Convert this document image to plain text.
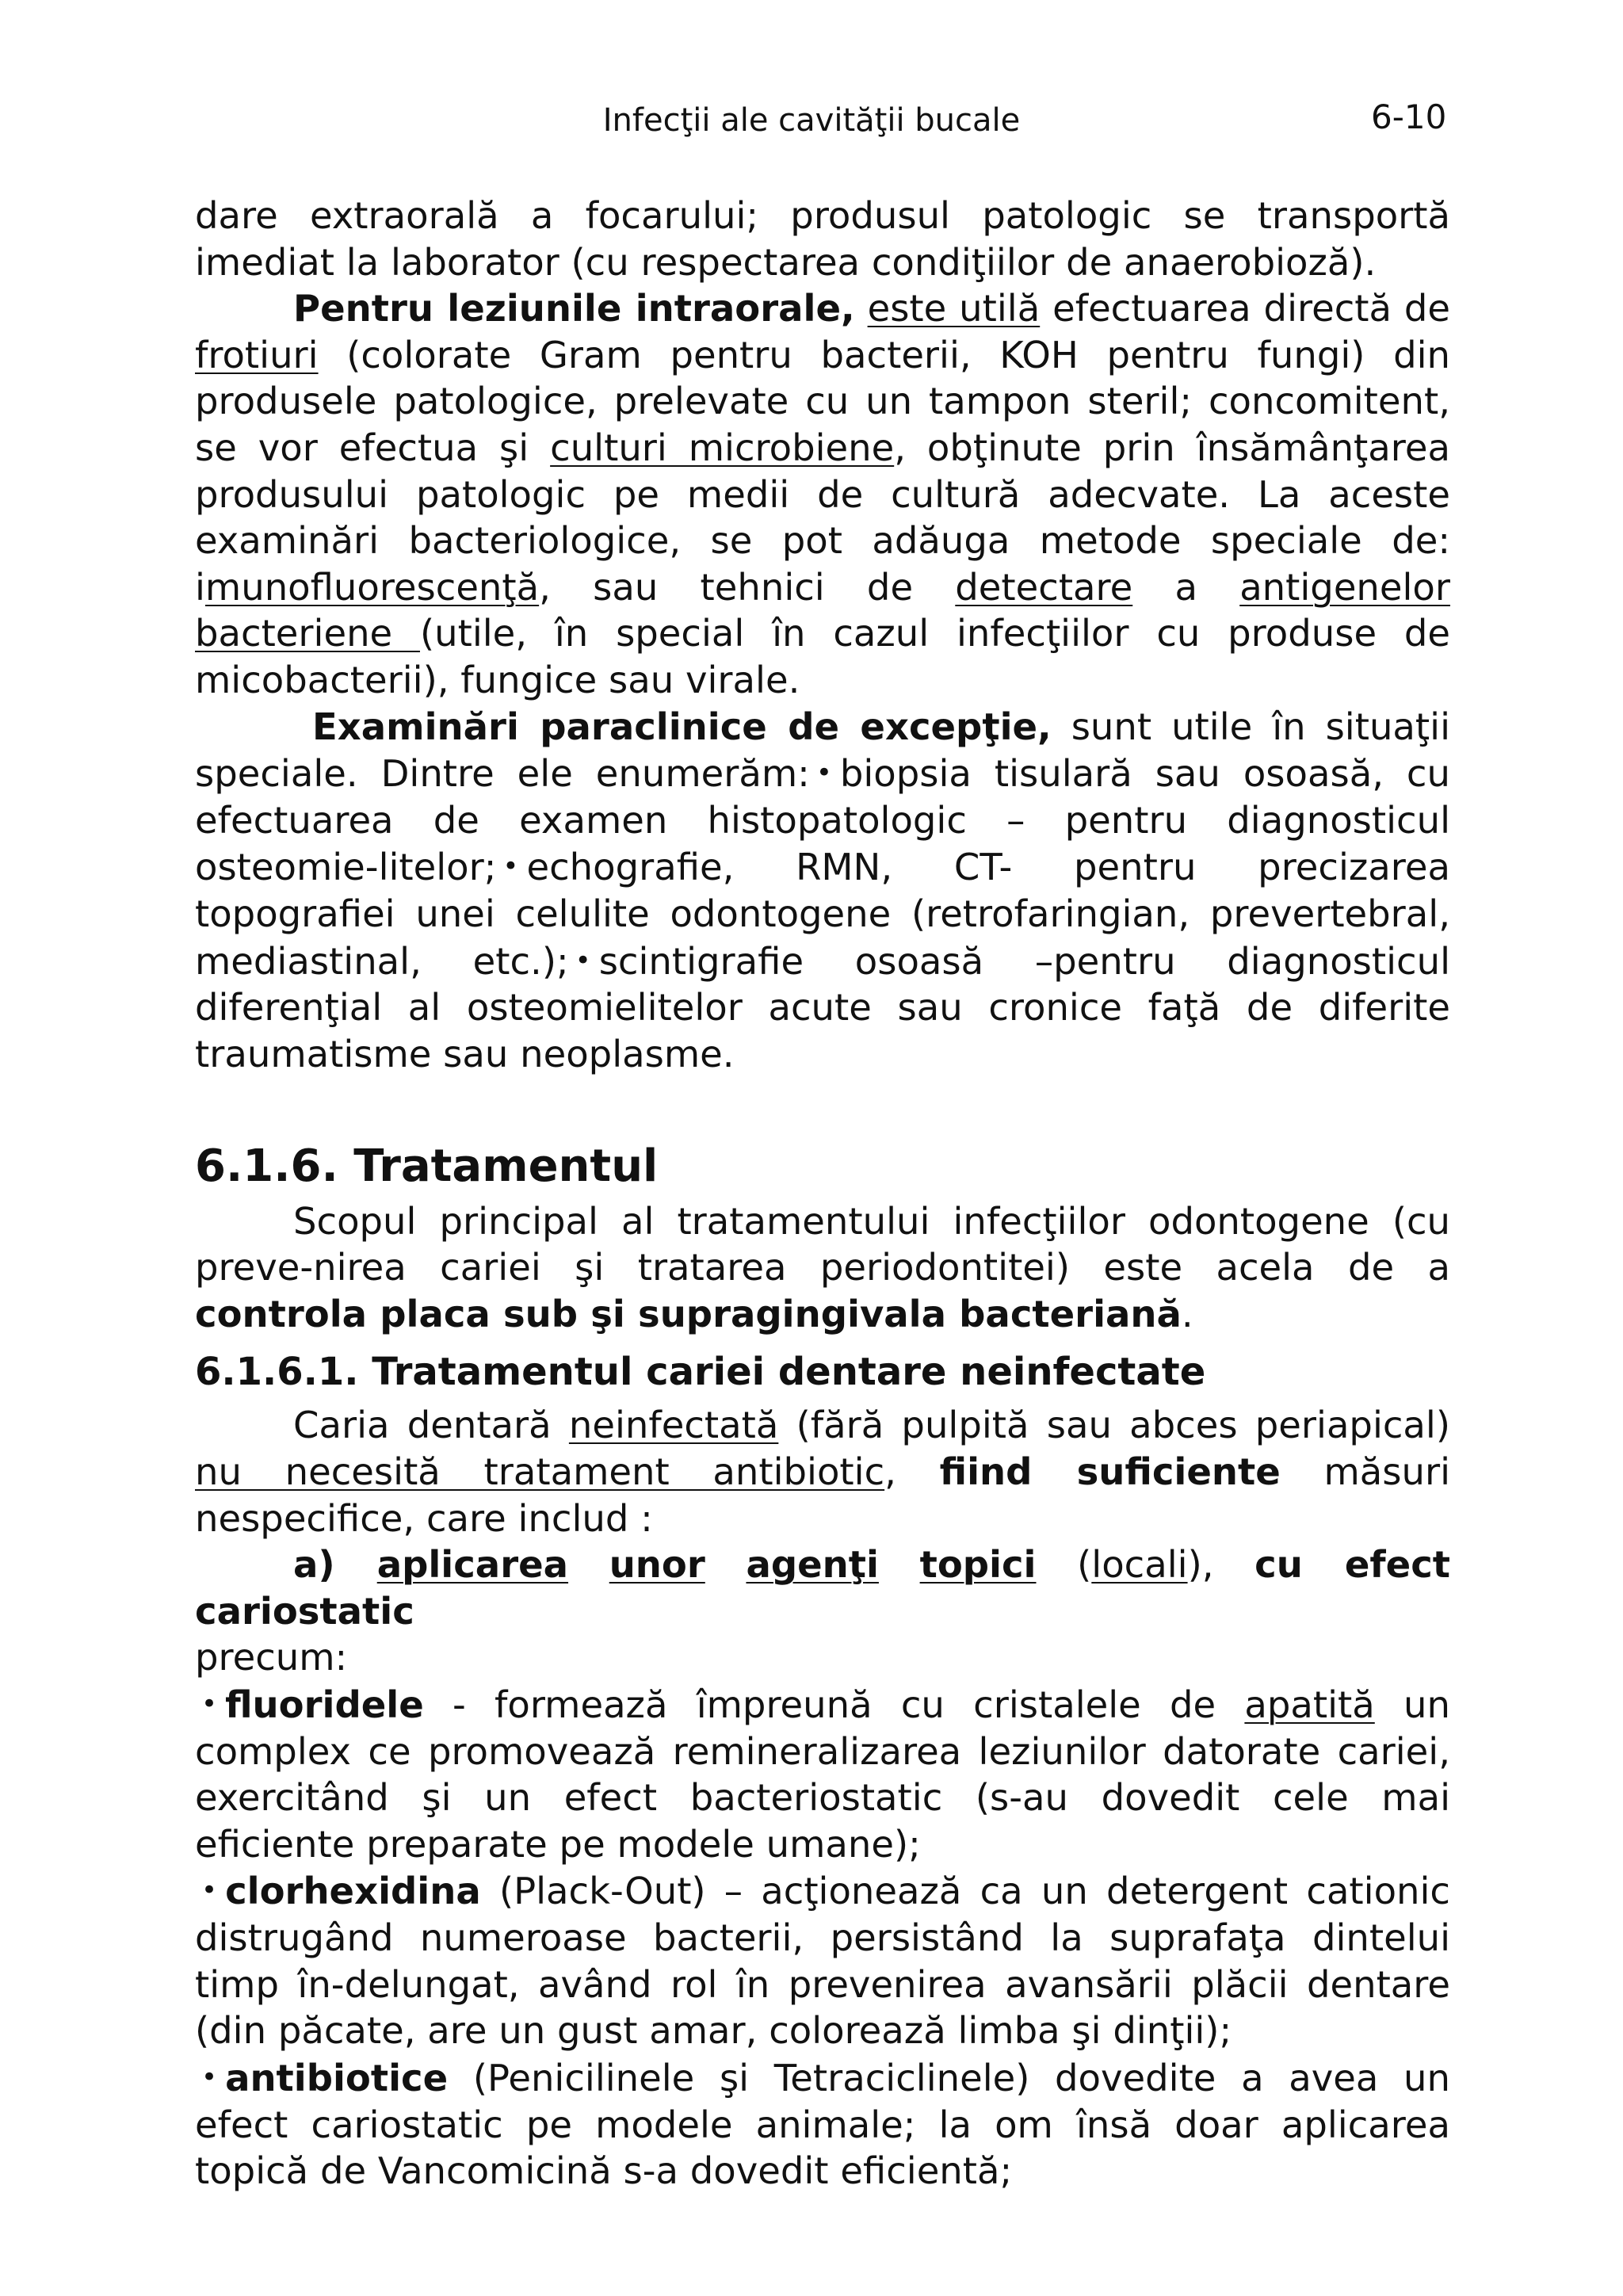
Infecţii ale cavităţii bucale	6-10

dare extraorală a focarului; produsul patologic se transportă imediat la laborator (cu respectarea condiţiilor de anaerobioză).

Pentru leziunile intraorale, este utilă efectuarea directă de frotiuri (colorate Gram pentru bacterii, KOH pentru fungi) din produsele patologice, prelevate cu un tampon steril; concomitent, se vor efectua şi culturi microbiene, obţinute prin însămânţarea produsului patologic pe medii de cultură adecvate. La aceste examinări bacteriologice, se pot adăuga metode speciale de: imunofluorescenţă, sau tehnici de detectare a antigenelor bacteriene (utile, în special în cazul infecţiilor cu produse de micobacterii), fungice sau virale.

Examinări paraclinice de excepţie, sunt utile în situaţii speciale. Dintre ele enumerăm: • biopsia tisulară sau osoasă, cu efectuarea de examen histopatologic – pentru diagnosticul osteomie-litelor; • echografie, RMN, CT- pentru precizarea topografiei unei celulite odontogene (retrofaringian, prevertebral, mediastinal, etc.); • scintigrafie osoasă –pentru diagnosticul diferenţial al osteomielitelor acute sau cronice faţă de diferite traumatisme sau neoplasme.

6.1.6. Tratamentul

Scopul principal al tratamentului infecţiilor odontogene (cu preve-nirea cariei şi tratarea periodontitei) este acela de a controla placa sub şi supragingivala bacteriană.

6.1.6.1. Tratamentul cariei dentare neinfectate

Caria dentară neinfectată (fără pulpită sau abces periapical) nu necesită tratament antibiotic, fiind suficiente măsuri nespecifice, care includ :

a) aplicarea unor agenţi topici (locali), cu efect cariostatic

precum:

• fluoridele - formează împreună cu cristalele de apatită un complex ce promovează remineralizarea leziunilor datorate cariei, exercitând şi un efect bacteriostatic (s-au dovedit cele mai eficiente preparate pe modele umane);

• clorhexidina (Plack-Out) – acţionează ca un detergent cationic distrugând numeroase bacterii, persistând la suprafaţa dintelui timp în-delungat, având rol în prevenirea avansării plăcii dentare (din păcate, are un gust amar, colorează limba şi dinţii);

• antibiotice (Penicilinele şi Tetraciclinele) dovedite a avea un efect cariostatic pe modele animale; la om însă doar aplicarea topică de Vancomicină s-a dovedit eficientă;
